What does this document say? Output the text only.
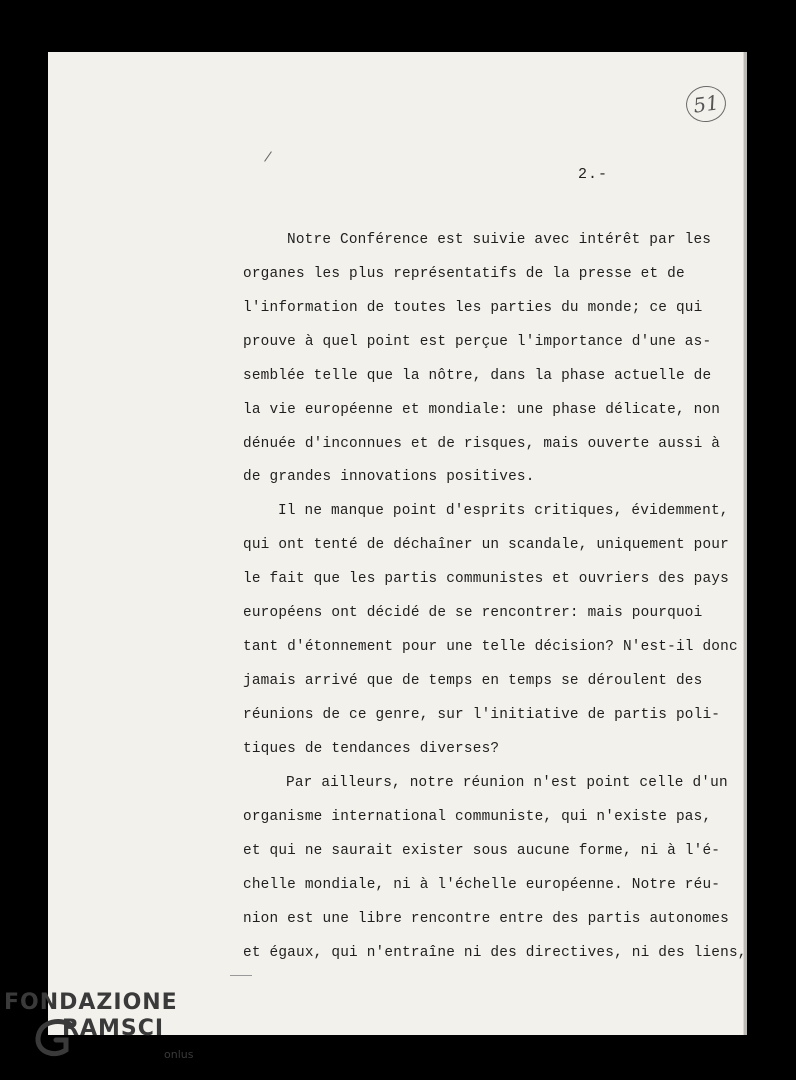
51
2.-
Notre Conférence est suivie avec intérêt par les
organes les plus représentatifs de la presse et de
l'information de toutes les parties du monde; ce qui
prouve à quel point est perçue l'importance d'une as-
semblée telle que la nôtre, dans la phase actuelle de
la vie européenne et mondiale: une phase délicate, non
dénuée d'inconnues et de risques, mais ouverte aussi à
de grandes innovations positives.
Il ne manque point d'esprits critiques, évidemment,
qui ont tenté de déchaîner un scandale, uniquement pour
le fait que les partis communistes et ouvriers des pays
européens ont décidé de se rencontrer: mais pourquoi
tant d'étonnement pour une telle décision? N'est-il donc
jamais arrivé que de temps en temps se déroulent des
réunions de ce genre, sur l'initiative de partis poli-
tiques de tendances diverses?
Par ailleurs, notre réunion n'est point celle d'un
organisme international communiste, qui n'existe pas,
et qui ne saurait exister sous aucune forme, ni à l'é-
chelle mondiale, ni à l'échelle européenne. Notre réu-
nion est une libre rencontre entre des partis autonomes
et égaux, qui n'entraîne ni des directives, ni des liens,
FONDAZIONE
RAMSCI
onlus
